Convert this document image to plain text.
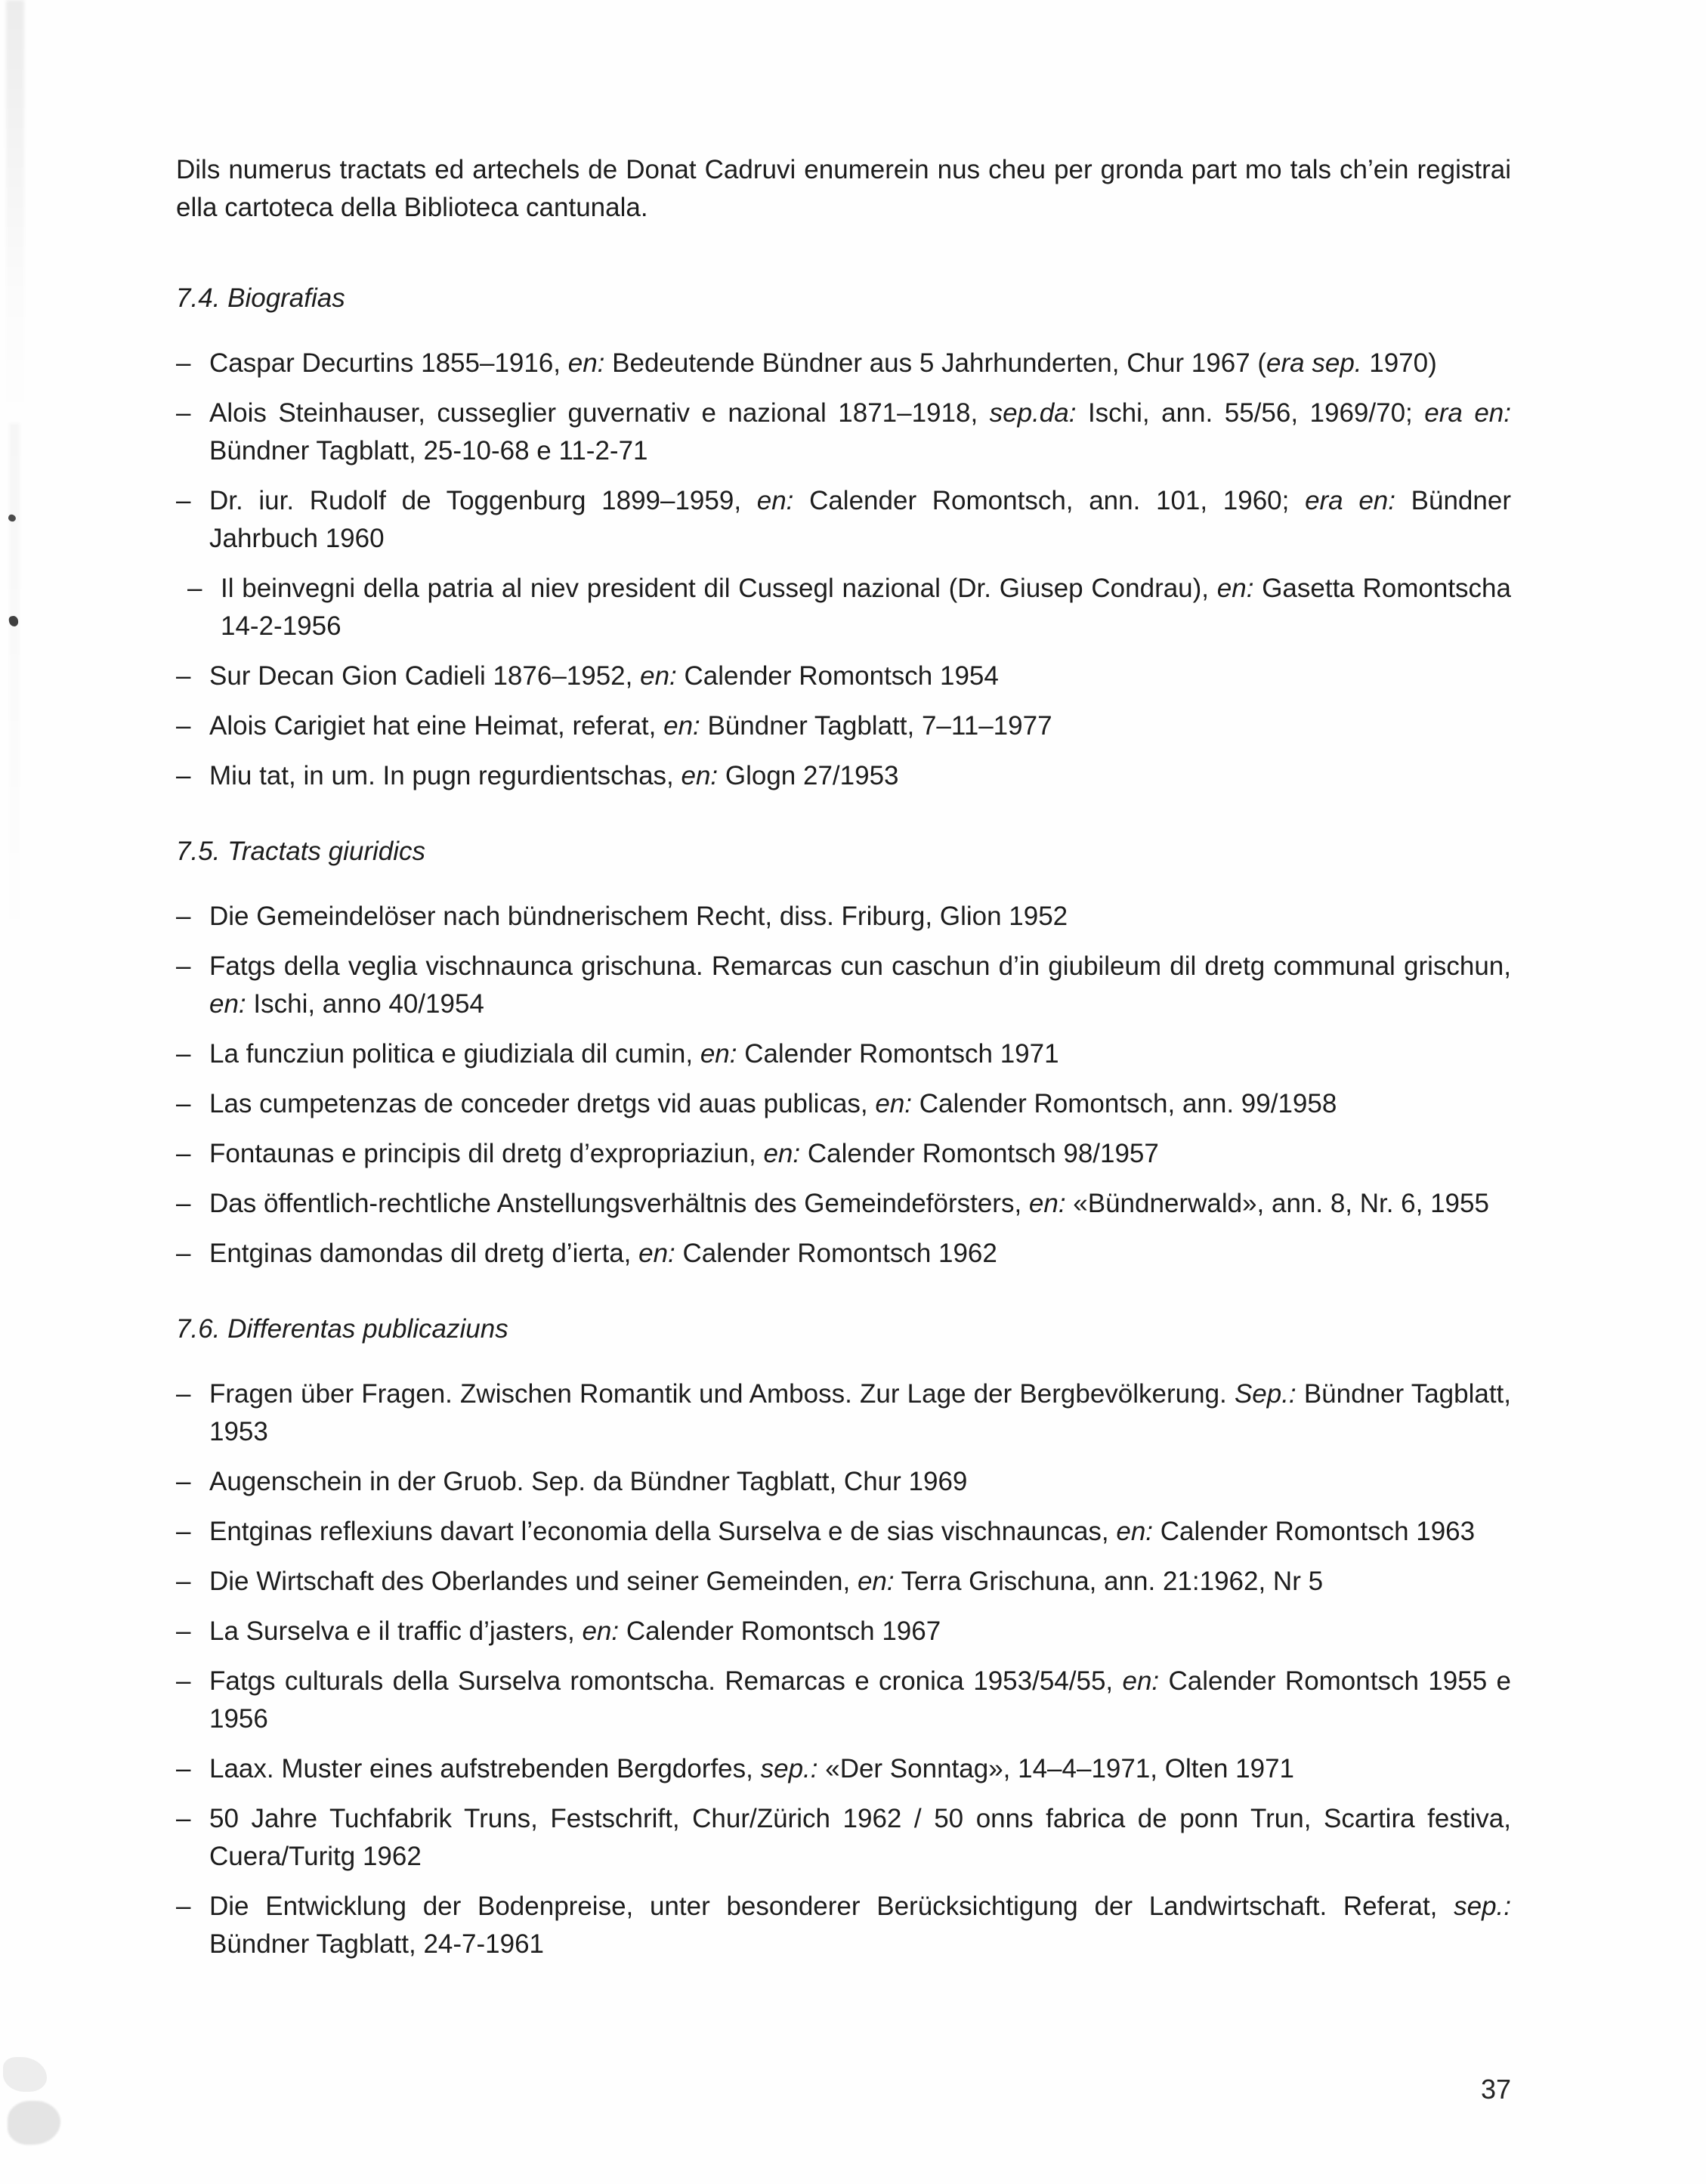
Dils numerus tractats ed artechels de Donat Cadruvi enumerein nus cheu per gronda part mo tals ch’ein registrai ella cartoteca della Biblioteca cantunala.

7.4. Biografias
– Caspar Decurtins 1855–1916, en: Bedeutende Bündner aus 5 Jahrhunderten, Chur 1967 (era sep. 1970)
– Alois Steinhauser, cusseglier guvernativ e nazional 1871–1918, sep.da: Ischi, ann. 55/56, 1969/70; era en: Bündner Tagblatt, 25-10-68 e 11-2-71
– Dr. iur. Rudolf de Toggenburg 1899–1959, en: Calender Romontsch, ann. 101, 1960; era en: Bündner Jahrbuch 1960
– Il beinvegni della patria al niev president dil Cussegl nazional (Dr. Giusep Condrau), en: Gasetta Romontscha 14-2-1956
– Sur Decan Gion Cadieli 1876–1952, en: Calender Romontsch 1954
– Alois Carigiet hat eine Heimat, referat, en: Bündner Tagblatt, 7–11–1977
– Miu tat, in um. In pugn regurdientschas, en: Glogn 27/1953
7.5. Tractats giuridics
– Die Gemeindelöser nach bündnerischem Recht, diss. Friburg, Glion 1952
– Fatgs della veglia vischnaunca grischuna. Remarcas cun caschun d’in giubileum dil dretg communal grischun, en: Ischi, anno 40/1954
– La funcziun politica e giudiziala dil cumin, en: Calender Romontsch 1971
– Las cumpetenzas de conceder dretgs vid auas publicas, en: Calender Romontsch, ann. 99/1958
– Fontaunas e principis dil dretg d’expropriaziun, en: Calender Romontsch 98/1957
– Das öffentlich-rechtliche Anstellungsverhältnis des Gemeindeförsters, en: «Bündnerwald», ann. 8, Nr. 6, 1955
– Entginas damondas dil dretg d’ierta, en: Calender Romontsch 1962
7.6. Differentas publicaziuns
– Fragen über Fragen. Zwischen Romantik und Amboss. Zur Lage der Bergbevölkerung. Sep.: Bündner Tagblatt, 1953
– Augenschein in der Gruob. Sep. da Bündner Tagblatt, Chur 1969
– Entginas reflexiuns davart l’economia della Surselva e de sias vischnauncas, en: Calender Romontsch 1963
– Die Wirtschaft des Oberlandes und seiner Gemeinden, en: Terra Grischuna, ann. 21:1962, Nr 5
– La Surselva e il traffic d’jasters, en: Calender Romontsch 1967
– Fatgs culturals della Surselva romontscha. Remarcas e cronica 1953/54/55, en: Calender Romontsch 1955 e 1956
– Laax. Muster eines aufstrebenden Bergdorfes, sep.: «Der Sonntag», 14–4–1971, Olten 1971
– 50 Jahre Tuchfabrik Truns, Festschrift, Chur/Zürich 1962 / 50 onns fabrica de ponn Trun, Scartira festiva, Cuera/Turitg 1962
– Die Entwicklung der Bodenpreise, unter besonderer Berücksichtigung der Landwirtschaft. Referat, sep.: Bündner Tagblatt, 24-7-1961
37
